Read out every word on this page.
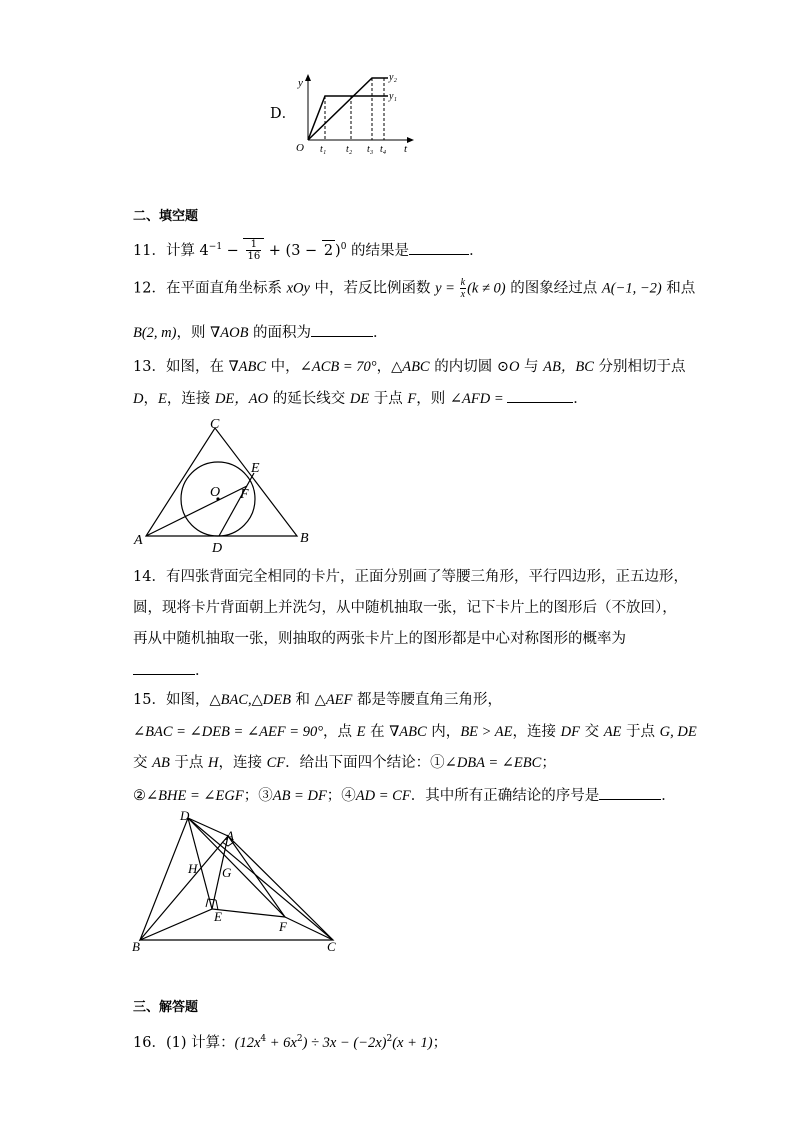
D．
y
t
O
y₂
y₁
t₁ t₂ t₃ t₄
二、填空题
11．计算 $4^{-1} - \frac{1}{16} + (3 - 2$ )$^0$ 的结果是	．
12．在平面直角坐标系 xOy 中，若反比例函数 $y = \frac{k}{x} (k \ne 0)$ 的图象经过点 A(−1, −2) 和点
B(2, m)，则 ∇AOB 的面积为	．
13．如图，在 ∇ABC 中，∠ACB = 70°，△ABC 的内切圆 ⊙O 与 AB，BC 分别相切于点
D，E，连接 DE，AO 的延长线交 DE 于点 F，则 ∠AFD =	．
A	B
C
D
E
F
O
14．有四张背面完全相同的卡片，正面分别画了等腰三角形，平行四边形，正五边形，
圆，现将卡片背面朝上并洗匀，从中随机抽取一张，记下卡片上的图形后（不放回），
再从中随机抽取一张，则抽取的两张卡片上的图形都是中心对称图形的概率为
．
15．如图，△BAC,△DEB 和 △AEF 都是等腰直角三角形，
∠BAC = ∠DEB = ∠AEF = 90°，点 E 在 ∇ABC 内，BE > AE，连接 DF 交 AE 于点 G, DE
交 AB 于点 H，连接 CF．给出下面四个结论：①∠DBA = ∠EBC；
②∠BHE = ∠EGF；③AB = DF；④AD = CF．其中所有正确结论的序号是	．
D
A
B	C
E
F
G
H
三、解答题
16．(1) 计算：$(12x^4 + 6x^2) \div 3x - (-2x)^2(x + 1)$；
